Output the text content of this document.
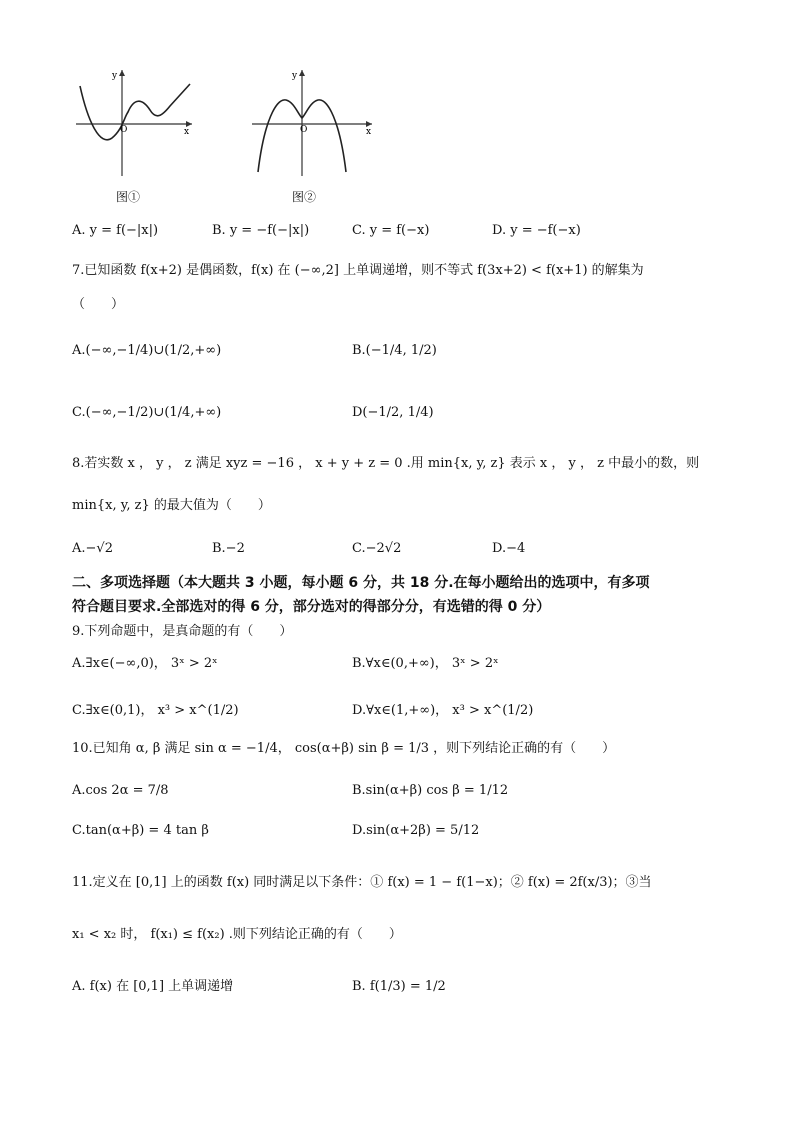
y
x
O
图①
y
x
O
图②
A. y = f(−|x|)	B. y = −f(−|x|)	C. y = f(−x)	D. y = −f(−x)
7.已知函数 f(x+2) 是偶函数，f(x) 在 (−∞,2] 上单调递增，则不等式 f(3x+2) < f(x+1) 的解集为
（　　）
A.(−∞,−1/4)∪(1/2,+∞)	B.(−1/4, 1/2)
C.(−∞,−1/2)∪(1/4,+∞)	D(−1/2, 1/4)
8.若实数 x ， y ， z 满足 xyz = −16 ， x + y + z = 0 .用 min{x, y, z} 表示 x ， y ， z 中最小的数，则
min{x, y, z} 的最大值为（　　）
A.−√2	B.−2	C.−2√2	D.−4
二、多项选择题（本大题共 3 小题，每小题 6 分，共 18 分.在每小题给出的选项中，有多项
符合题目要求.全部选对的得 6 分，部分选对的得部分分，有选错的得 0 分）
9.下列命题中，是真命题的有（　　）
A.∃x∈(−∞,0)， 3ˣ > 2ˣ	B.∀x∈(0,+∞)， 3ˣ > 2ˣ
C.∃x∈(0,1)， x³ > x^(1/2)	D.∀x∈(1,+∞)， x³ > x^(1/2)
10.已知角 α, β 满足 sin α = −1/4， cos(α+β) sin β = 1/3 ，则下列结论正确的有（　　）
A.cos 2α = 7/8	B.sin(α+β) cos β = 1/12
C.tan(α+β) = 4 tan β	D.sin(α+2β) = 5/12
11.定义在 [0,1] 上的函数 f(x) 同时满足以下条件：① f(x) = 1 − f(1−x)；② f(x) = 2f(x/3)；③当
x₁ < x₂ 时， f(x₁) ≤ f(x₂) .则下列结论正确的有（　　）
A. f(x) 在 [0,1] 上单调递增	B. f(1/3) = 1/2
